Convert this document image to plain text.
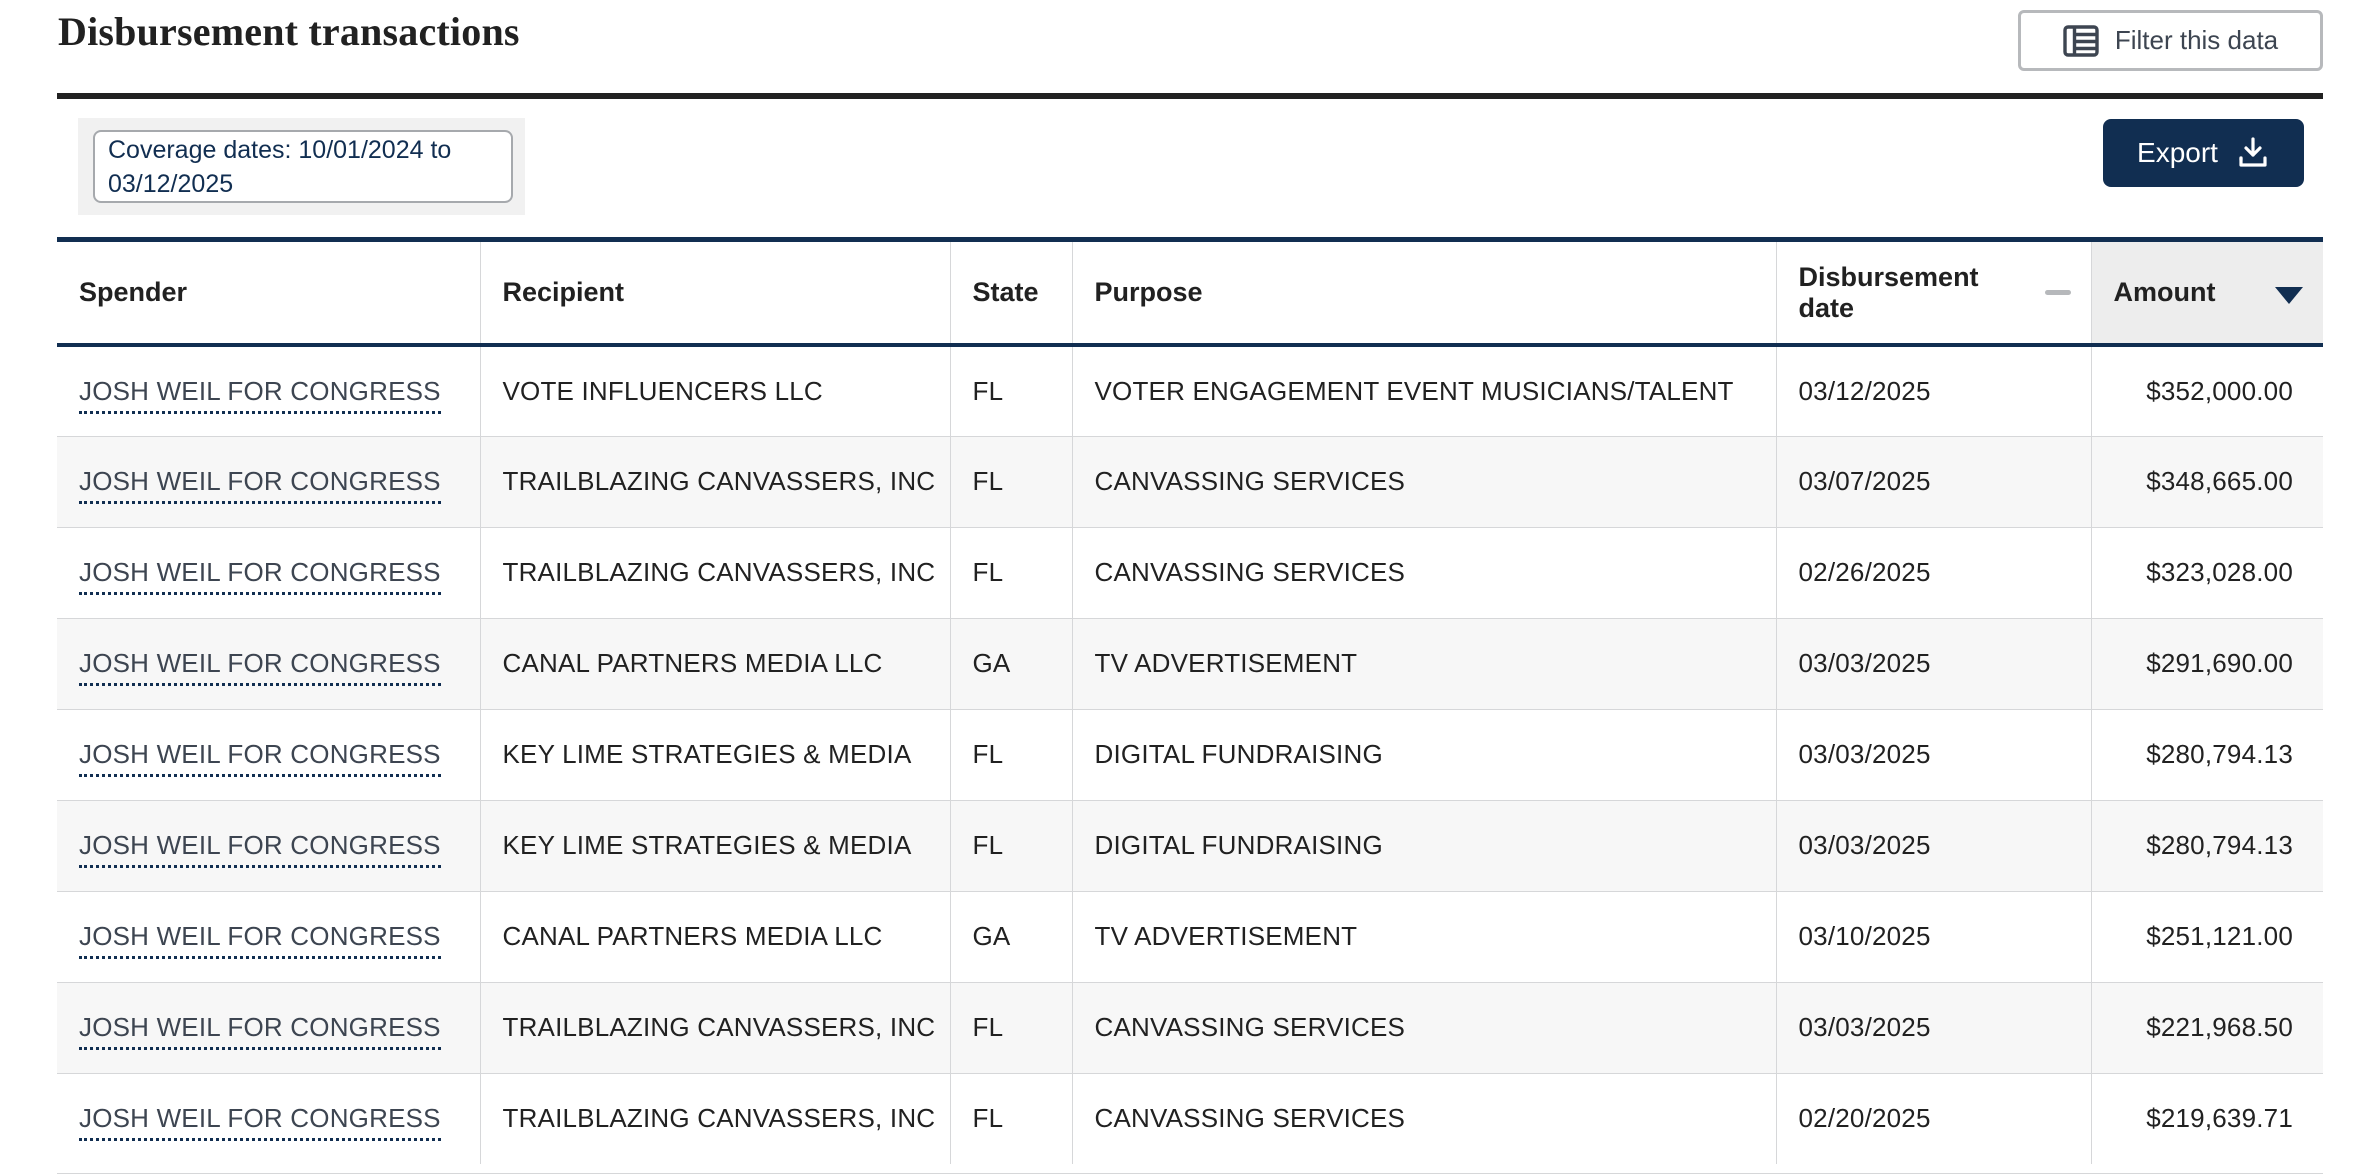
Disbursement transactions	Filter this data
Coverage dates: 10/01/2024 to 03/12/2025
Export
Spender	Recipient	State	Purpose	Disbursement date	Amount

JOSH WEIL FOR CONGRESS	VOTE INFLUENCERS LLC	FL	VOTER ENGAGEMENT EVENT MUSICIANS/TALENT	03/12/2025	$352,000.00
JOSH WEIL FOR CONGRESS	TRAILBLAZING CANVASSERS, INC	FL	CANVASSING SERVICES	03/07/2025	$348,665.00
JOSH WEIL FOR CONGRESS	TRAILBLAZING CANVASSERS, INC	FL	CANVASSING SERVICES	02/26/2025	$323,028.00
JOSH WEIL FOR CONGRESS	CANAL PARTNERS MEDIA LLC	GA	TV ADVERTISEMENT	03/03/2025	$291,690.00
JOSH WEIL FOR CONGRESS	KEY LIME STRATEGIES & MEDIA	FL	DIGITAL FUNDRAISING	03/03/2025	$280,794.13
JOSH WEIL FOR CONGRESS	KEY LIME STRATEGIES & MEDIA	FL	DIGITAL FUNDRAISING	03/03/2025	$280,794.13
JOSH WEIL FOR CONGRESS	CANAL PARTNERS MEDIA LLC	GA	TV ADVERTISEMENT	03/10/2025	$251,121.00
JOSH WEIL FOR CONGRESS	TRAILBLAZING CANVASSERS, INC	FL	CANVASSING SERVICES	03/03/2025	$221,968.50
JOSH WEIL FOR CONGRESS	TRAILBLAZING CANVASSERS, INC	FL	CANVASSING SERVICES	02/20/2025	$219,639.71
